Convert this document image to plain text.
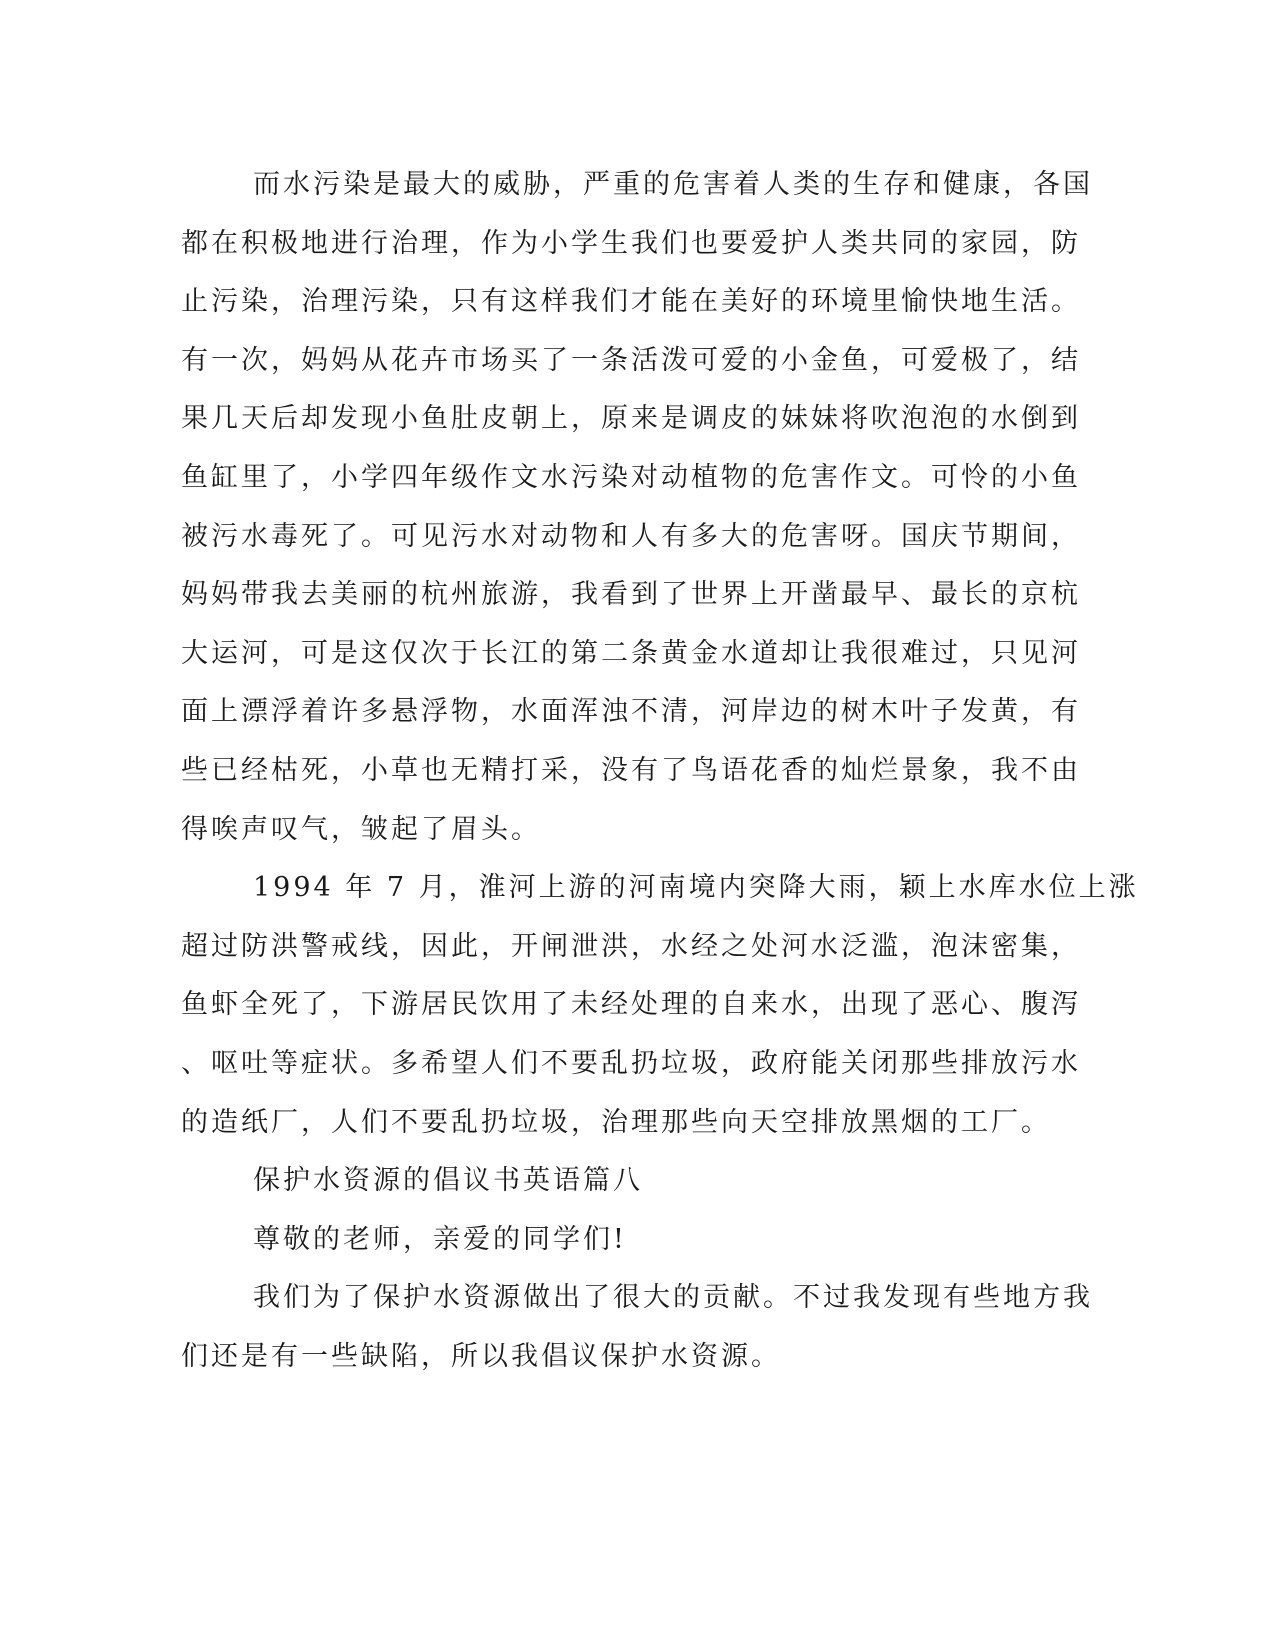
而水污染是最大的威胁，严重的危害着人类的生存和健康，各国
都在积极地进行治理，作为小学生我们也要爱护人类共同的家园，防
止污染，治理污染，只有这样我们才能在美好的环境里愉快地生活。
有一次，妈妈从花卉市场买了一条活泼可爱的小金鱼，可爱极了，结
果几天后却发现小鱼肚皮朝上，原来是调皮的妹妹将吹泡泡的水倒到
鱼缸里了，小学四年级作文水污染对动植物的危害作文。可怜的小鱼
被污水毒死了。可见污水对动物和人有多大的危害呀。国庆节期间，
妈妈带我去美丽的杭州旅游，我看到了世界上开凿最早、最长的京杭
大运河，可是这仅次于长江的第二条黄金水道却让我很难过，只见河
面上漂浮着许多悬浮物，水面浑浊不清，河岸边的树木叶子发黄，有
些已经枯死，小草也无精打采，没有了鸟语花香的灿烂景象，我不由
得唉声叹气，皱起了眉头。

1994 年 7 月，淮河上游的河南境内突降大雨，颖上水库水位上涨
超过防洪警戒线，因此，开闸泄洪，水经之处河水泛滥，泡沫密集，
鱼虾全死了，下游居民饮用了未经处理的自来水，出现了恶心、腹泻
、呕吐等症状。多希望人们不要乱扔垃圾，政府能关闭那些排放污水
的造纸厂，人们不要乱扔垃圾，治理那些向天空排放黑烟的工厂。

保护水资源的倡议书英语篇八

尊敬的老师，亲爱的同学们!

我们为了保护水资源做出了很大的贡献。不过我发现有些地方我
们还是有一些缺陷，所以我倡议保护水资源。
